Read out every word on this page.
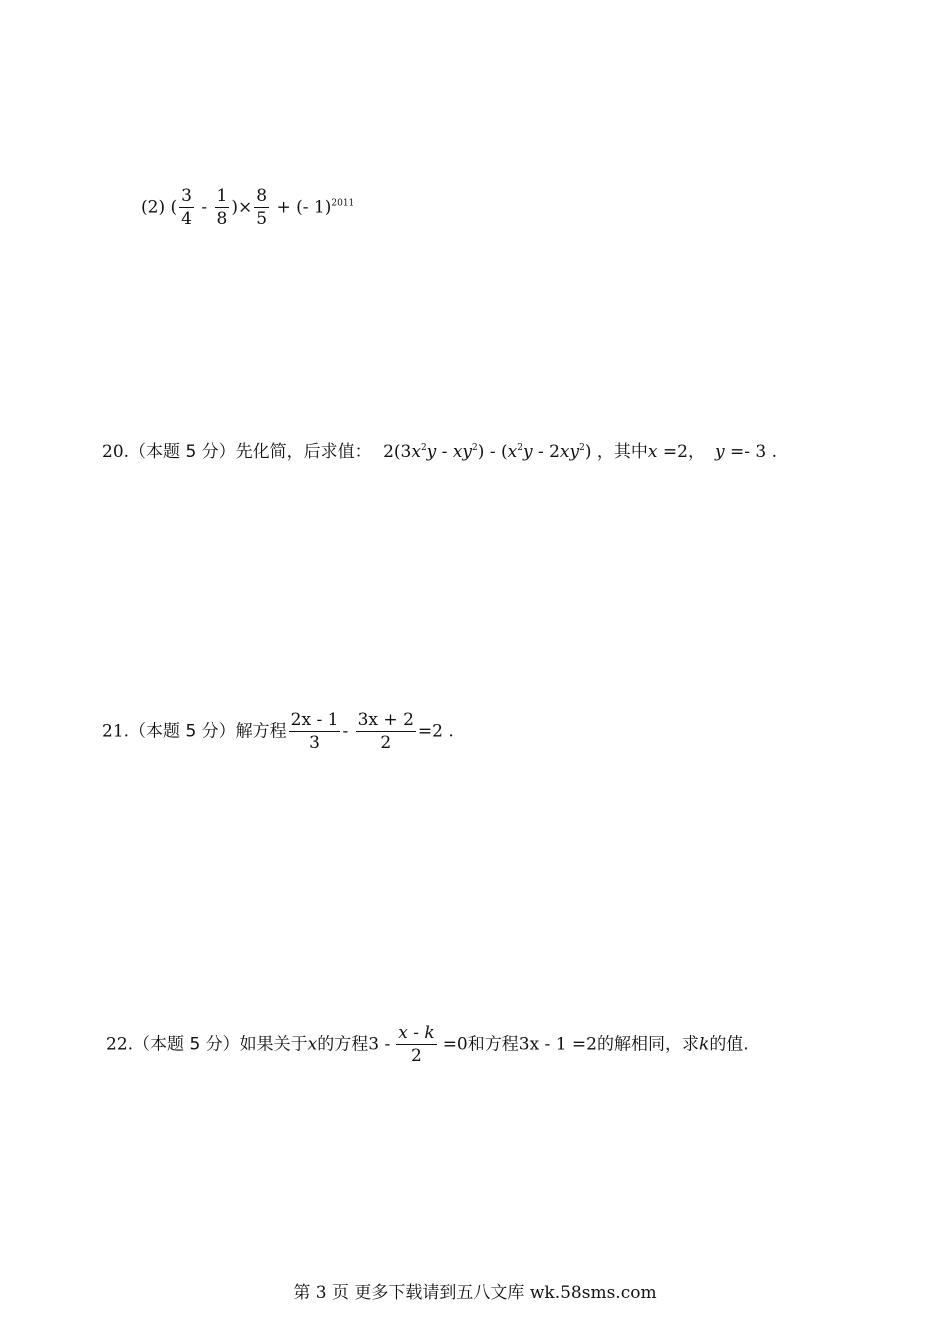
(2) ( $\frac{3}{4} - \frac{1}{8}$ )× $\frac{8}{5}$ + (- 1)$^{2011}$
20.（本题 5 分）先化简，后求值： $2(3x^2y - xy^2) - (x^2y - 2xy^2)$ ，其中x =2， y =- 3 .
21.（本题 5 分）解方程 $\frac{2x - 1}{3} - \frac{3x + 2}{2} =2$ .
22.（本题 5 分）如果关于x的方程$3 - \frac{x - k}{2} =0$和方程3x - 1 =2的解相同，求k的值.
第 3 页 更多下载请到五八文库 wk.58sms.com
